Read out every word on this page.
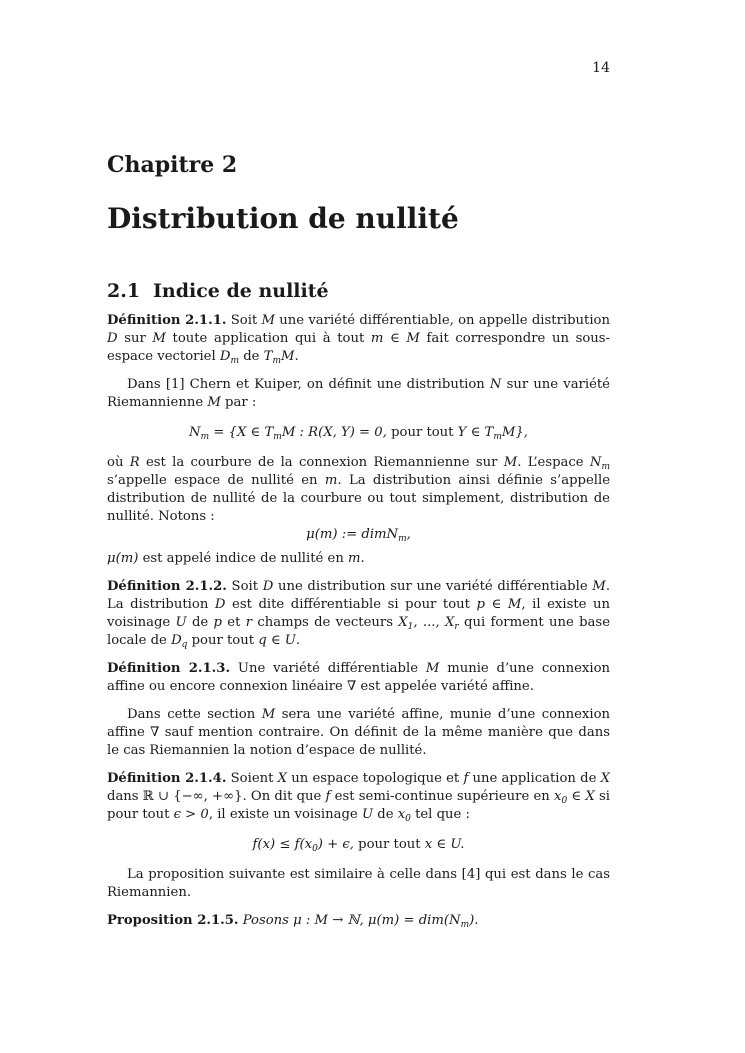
14
Chapitre 2
Distribution de nullité
2.1 Indice de nullité

Définition 2.1.1. Soit M une variété différentiable, on appelle distribution D sur M toute application qui à tout m ∈ M fait correspondre un sous-espace vectoriel $D_m$ de $T_mM$.

Dans [1] Chern et Kuiper, on définit une distribution N sur une variété Riemannienne M par :

$N_m = \{X$ ∈ $T_mM$ : R(X, Y) = 0, pour tout Y ∈ $T_mM$},

où R est la courbure de la connexion Riemannienne sur M. L’espace $N_m$ s’appelle espace de nullité en m. La distribution ainsi définie s’appelle distribution de nullité de la courbure ou tout simplement, distribution de nullité. Notons :

μ(m) := dimN$_m$,

μ(m) est appelé indice de nullité en m.

Définition 2.1.2. Soit D une distribution sur une variété différentiable M. La distribution D est dite différentiable si pour tout p ∈ M, il existe un voisinage U de p et r champs de vecteurs $X_1$, ..., $X_r$ qui forment une base locale de $D_q$ pour tout q ∈ U.

Définition 2.1.3. Une variété différentiable M munie d’une connexion affine ou encore connexion linéaire ∇ est appelée variété affine.

Dans cette section M sera une variété affine, munie d’une connexion affine ∇ sauf mention contraire. On définit de la même manière que dans le cas Riemannien la notion d’espace de nullité.

Définition 2.1.4. Soient X un espace topologique et f une application de X dans ℝ ∪ {−∞, +∞}. On dit que f est semi-continue supérieure en $x_0$ ∈ X si pour tout ϵ > 0, il existe un voisinage U de $x_0$ tel que :

$f(x) \le f(x_0) + \epsilon$, pour tout x ∈ U.

La proposition suivante est similaire à celle dans [4] qui est dans le cas Riemannien.

Proposition 2.1.5. Posons μ : M → ℕ, $\mu(m) = dim(N_m)$.
